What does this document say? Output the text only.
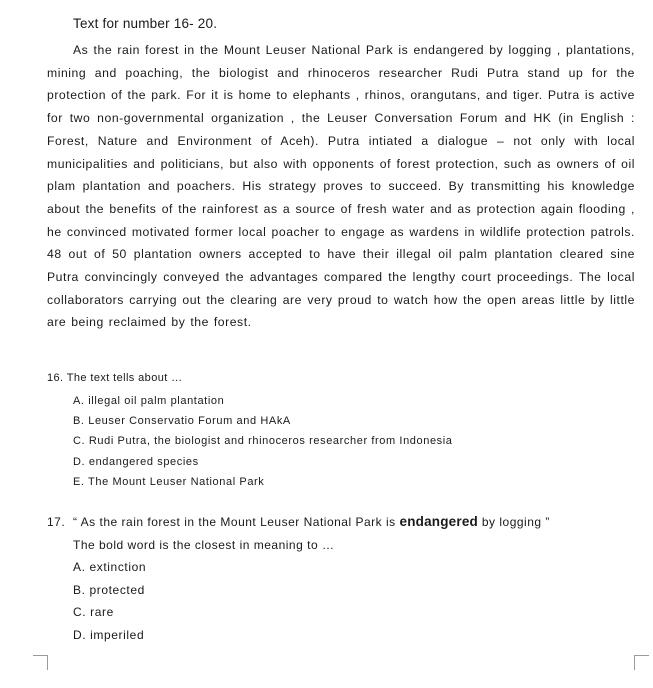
Text for number 16- 20.

As the rain forest in the Mount Leuser National Park is endangered by logging , plantations, mining and poaching, the biologist and rhinoceros researcher Rudi Putra stand up for the protection of the park. For it is home to elephants , rhinos, orangutans, and tiger. Putra is active for two non-governmental organization , the Leuser Conversation Forum and HK (in English : Forest, Nature and Environment of Aceh). Putra intiated a dialogue – not only with local municipalities and politicians, but also with opponents of forest protection, such as owners of oil plam plantation and poachers. His strategy proves to succeed. By transmitting his knowledge about the benefits of the rainforest as a source of fresh water and as protection again flooding , he convinced motivated former local poacher to engage as wardens in wildlife protection patrols. 48 out of 50 plantation owners accepted to have their illegal oil palm plantation cleared sine Putra convincingly conveyed the advantages compared the lengthy court proceedings. The local collaborators carrying out the clearing are very proud to watch how the open areas little by little are being reclaimed by the forest.

16. The text tells about …
A. illegal oil palm plantation
B. Leuser Conservatio Forum and HAkA
C. Rudi Putra, the biologist and rhinoceros researcher from Indonesia
D. endangered species
E. The Mount Leuser National Park
17. “ As the rain forest in the Mount Leuser National Park is endangered by logging ”
The bold word is the closest in meaning to …
A. extinction
B. protected
C. rare
D. imperiled
